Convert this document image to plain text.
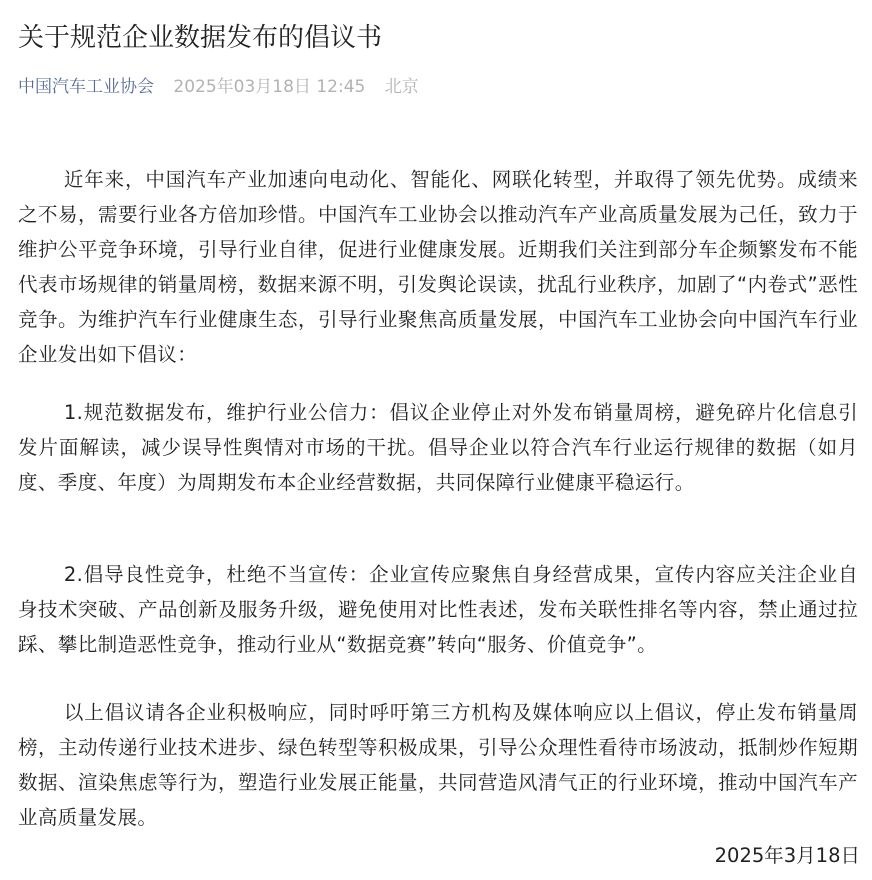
关于规范企业数据发布的倡议书
中国汽车工业协会 2025年03月18日 12:45 北京

近年来，中国汽车产业加速向电动化、智能化、网联化转型，并取得了领先优势。成绩来之不易，需要行业各方倍加珍惜。中国汽车工业协会以推动汽车产业高质量发展为己任，致力于维护公平竞争环境，引导行业自律，促进行业健康发展。近期我们关注到部分车企频繁发布不能代表市场规律的销量周榜，数据来源不明，引发舆论误读，扰乱行业秩序，加剧了“内卷式”恶性竞争。为维护汽车行业健康生态，引导行业聚焦高质量发展，中国汽车工业协会向中国汽车行业企业发出如下倡议：

1.规范数据发布，维护行业公信力：倡议企业停止对外发布销量周榜，避免碎片化信息引发片面解读，减少误导性舆情对市场的干扰。倡导企业以符合汽车行业运行规律的数据（如月度、季度、年度）为周期发布本企业经营数据，共同保障行业健康平稳运行。

2.倡导良性竞争，杜绝不当宣传：企业宣传应聚焦自身经营成果，宣传内容应关注企业自身技术突破、产品创新及服务升级，避免使用对比性表述，发布关联性排名等内容，禁止通过拉踩、攀比制造恶性竞争，推动行业从“数据竞赛”转向“服务、价值竞争”。

以上倡议请各企业积极响应，同时呼吁第三方机构及媒体响应以上倡议，停止发布销量周榜，主动传递行业技术进步、绿色转型等积极成果，引导公众理性看待市场波动，抵制炒作短期数据、渲染焦虑等行为，塑造行业发展正能量，共同营造风清气正的行业环境，推动中国汽车产业高质量发展。

2025年3月18日
